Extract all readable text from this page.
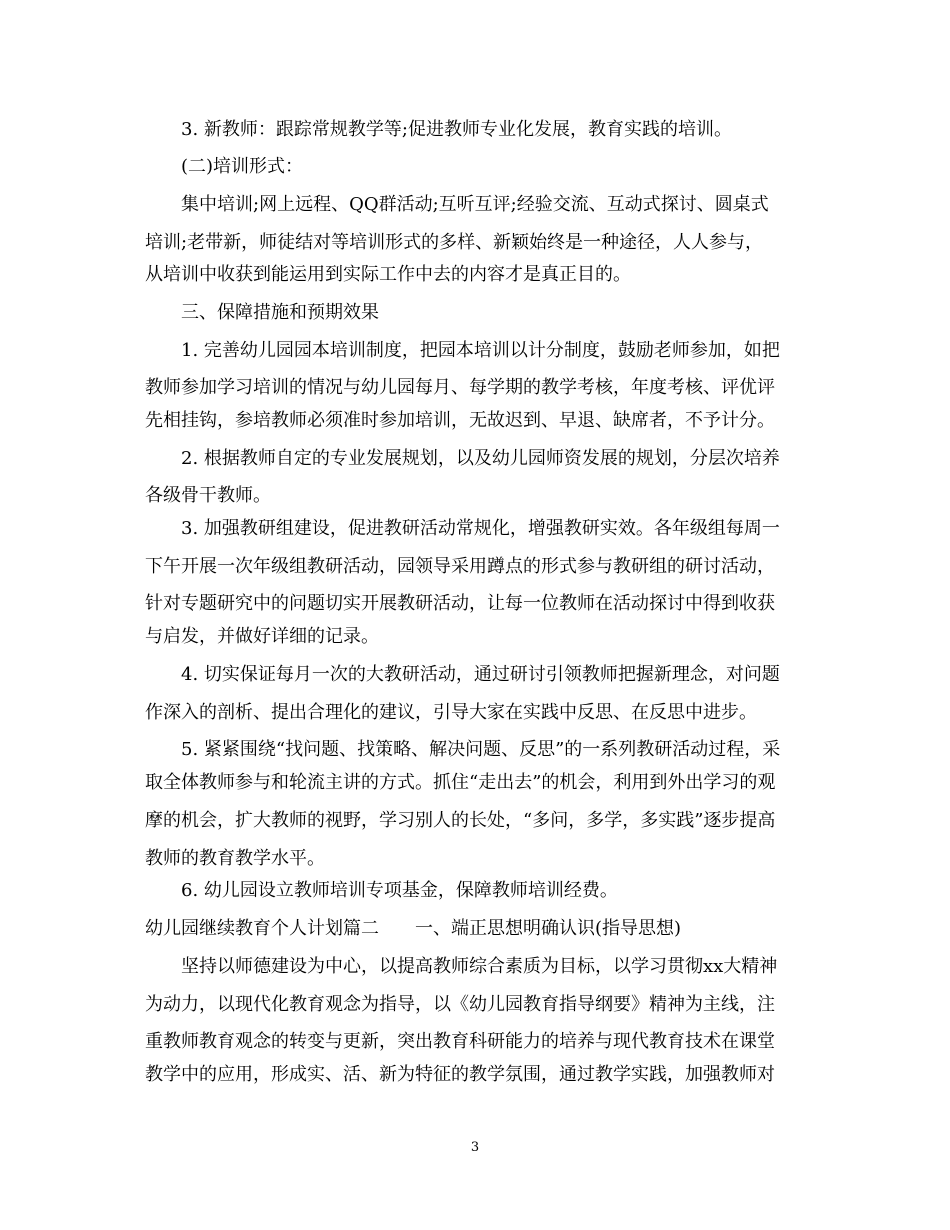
3. 新教师：跟踪常规教学等;促进教师专业化发展，教育实践的培训。
(二)培训形式：
集中培训;网上远程、QQ群活动;互听互评;经验交流、互动式探讨、圆桌式
培训;老带新，师徒结对等培训形式的多样、新颖始终是一种途径，人人参与，
从培训中收获到能运用到实际工作中去的内容才是真正目的。
三、保障措施和预期效果
1. 完善幼儿园园本培训制度，把园本培训以计分制度，鼓励老师参加，如把
教师参加学习培训的情况与幼儿园每月、每学期的教学考核，年度考核、评优评
先相挂钩，参培教师必须准时参加培训，无故迟到、早退、缺席者，不予计分。
2. 根据教师自定的专业发展规划，以及幼儿园师资发展的规划，分层次培养
各级骨干教师。
3. 加强教研组建设，促进教研活动常规化，增强教研实效。各年级组每周一
下午开展一次年级组教研活动，园领导采用蹲点的形式参与教研组的研讨活动，
针对专题研究中的问题切实开展教研活动，让每一位教师在活动探讨中得到收获
与启发，并做好详细的记录。
4. 切实保证每月一次的大教研活动，通过研讨引领教师把握新理念，对问题
作深入的剖析、提出合理化的建议，引导大家在实践中反思、在反思中进步。
5. 紧紧围绕“找问题、找策略、解决问题、反思”的一系列教研活动过程，采
取全体教师参与和轮流主讲的方式。抓住“走出去”的机会，利用到外出学习的观
摩的机会，扩大教师的视野，学习别人的长处，“多问，多学，多实践”逐步提高
教师的教育教学水平。
6. 幼儿园设立教师培训专项基金，保障教师培训经费。
幼儿园继续教育个人计划篇二　　一、端正思想明确认识(指导思想)
坚持以师德建设为中心，以提高教师综合素质为目标，以学习贯彻xx大精神
为动力，以现代化教育观念为指导，以《幼儿园教育指导纲要》精神为主线，注
重教师教育观念的转变与更新，突出教育科研能力的培养与现代教育技术在课堂
教学中的应用，形成实、活、新为特征的教学氛围，通过教学实践，加强教师对
3
